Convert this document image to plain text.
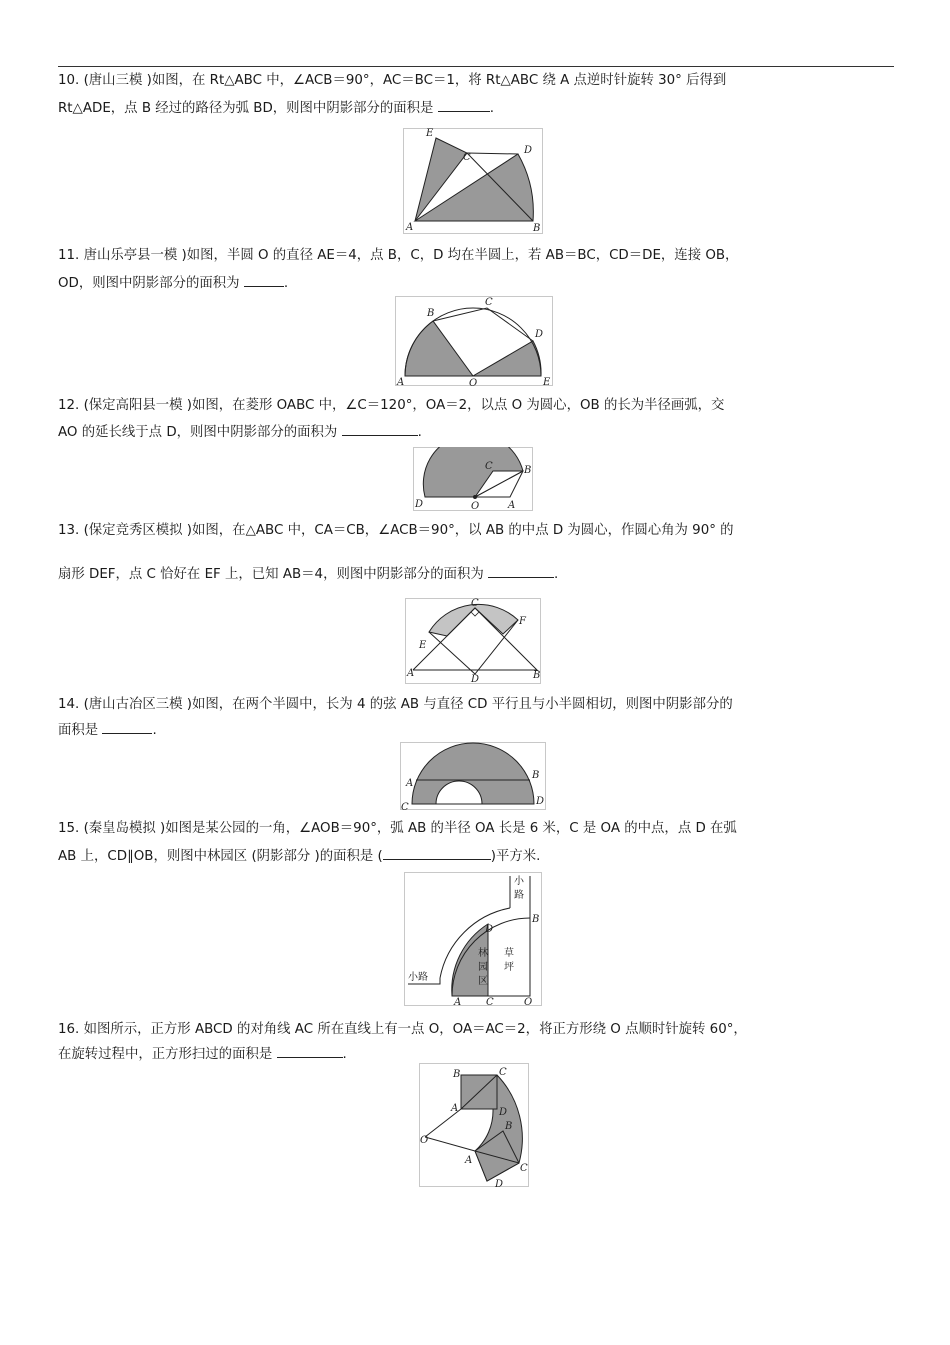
10. (唐山三模 )如图，在 Rt△ABC 中，∠ACB＝90°，AC＝BC＝1，将 Rt△ABC 绕 A 点逆时针旋转 30° 后得到
Rt△ADE，点 B 经过的路径为弧 BD，则图中阴影部分的面积是	.
E
C
D
A	B
11. 唐山乐亭县一模 )如图，半圆 O 的直径 AE＝4，点 B，C，D 均在半圆上，若 AB＝BC，CD＝DE，连接 OB，
OD，则图中阴影部分的面积为	.
B
C
D
A	O	E
12. (保定高阳县一模 )如图，在菱形 OABC 中，∠C＝120°，OA＝2，以点 O 为圆心，OB 的长为半径画弧，交
AO 的延长线于点 D，则图中阴影部分的面积为	.
C	B
D	O	A
13. (保定竞秀区模拟 )如图，在△ABC 中，CA＝CB，∠ACB＝90°，以 AB 的中点 D 为圆心，作圆心角为 90° 的
扇形 DEF，点 C 恰好在 EF 上，已知 AB＝4，则图中阴影部分的面积为	.
C
E
F
A
D	B
14. (唐山古冶区三模 )如图，在两个半圆中，长为 4 的弦 AB 与直径 CD 平行且与小半圆相切，则图中阴影部分的
面积是	.
A
B
C
D
15. (秦皇岛模拟 )如图是某公园的一角，∠AOB＝90°，弧 AB 的半径 OA 长是 6 米，C 是 OA 的中点，点 D 在弧
AB 上，CD∥OB，则图中林园区 (阴影部分 )的面积是 (	)平方米.
小
路
B
D
林
园
区
草
坪
小路
A C	O
16. 如图所示，正方形 ABCD 的对角线 AC 所在直线上有一点 O，OA＝AC＝2，将正方形绕 O 点顺时针旋转 60°，
在旋转过程中，正方形扫过的面积是	.
B	C
A	D
O
B
A
C
D
